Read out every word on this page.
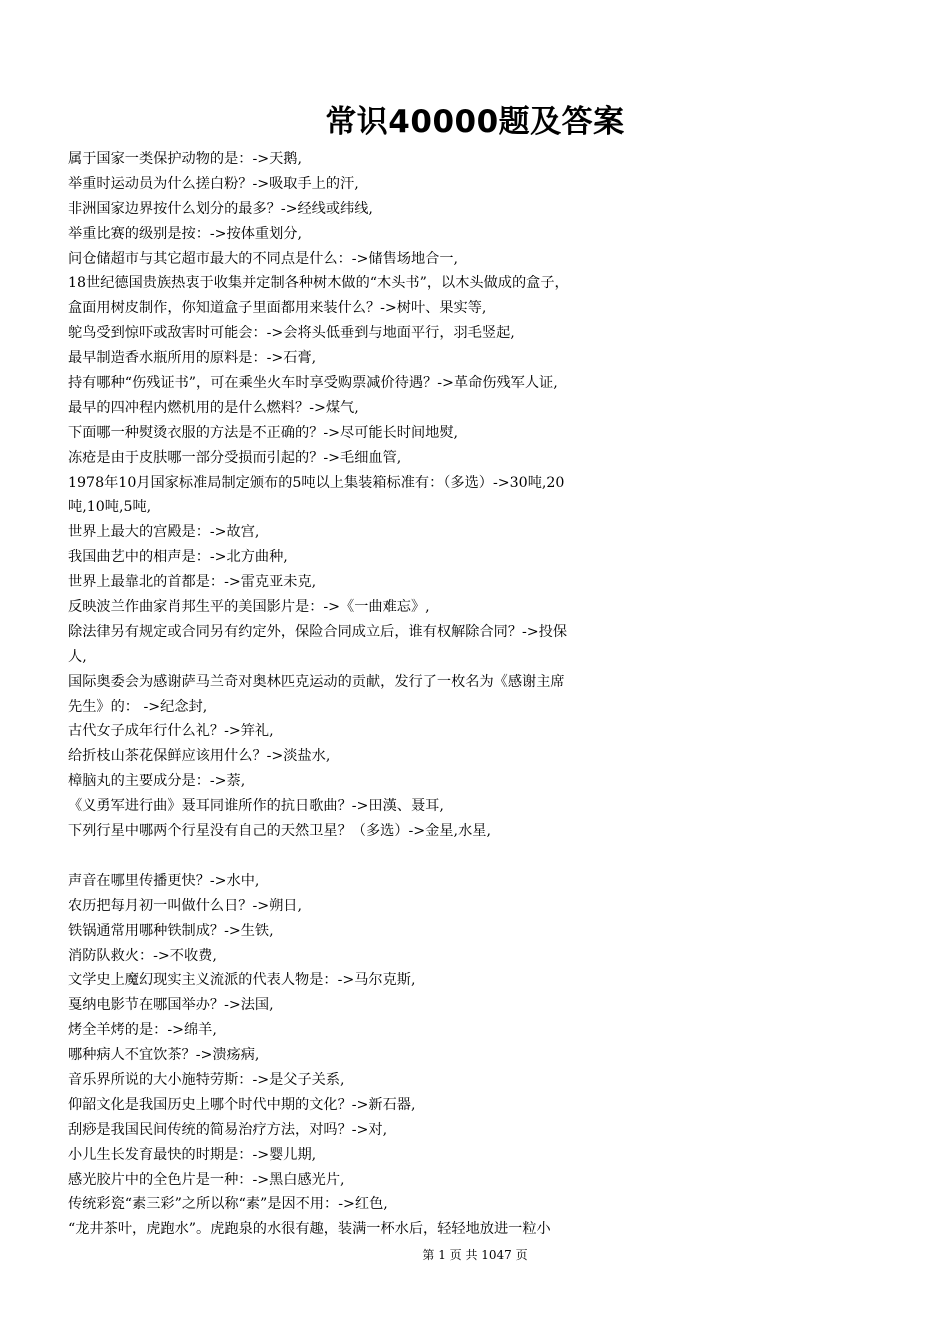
常识40000题及答案
属于国家一类保护动物的是：->天鹅,
举重时运动员为什么搓白粉？->吸取手上的汗,
非洲国家边界按什么划分的最多？->经线或纬线,
举重比赛的级别是按：->按体重划分,
问仓储超市与其它超市最大的不同点是什么：->储售场地合一,
18世纪德国贵族热衷于收集并定制各种树木做的“木头书”，以木头做成的盒子，
盒面用树皮制作，你知道盒子里面都用来装什么？->树叶、果实等,
鸵鸟受到惊吓或敌害时可能会：->会将头低垂到与地面平行，羽毛竖起,
最早制造香水瓶所用的原料是：->石膏,
持有哪种“伤残证书”，可在乘坐火车时享受购票减价待遇？->革命伤残军人证,
最早的四冲程内燃机用的是什么燃料？->煤气,
下面哪一种熨烫衣服的方法是不正确的？->尽可能长时间地熨,
冻疮是由于皮肤哪一部分受损而引起的？->毛细血管,
1978年10月国家标准局制定颁布的5吨以上集装箱标准有：（多选）->30吨,20
吨,10吨,5吨,
世界上最大的宫殿是：->故宫,
我国曲艺中的相声是：->北方曲种,
世界上最靠北的首都是：->雷克亚未克,
反映波兰作曲家肖邦生平的美国影片是：->《一曲难忘》,
除法律另有规定或合同另有约定外，保险合同成立后，谁有权解除合同？->投保
人,
国际奥委会为感谢萨马兰奇对奥林匹克运动的贡献，发行了一枚名为《感谢主席
先生》的： ->纪念封,
古代女子成年行什么礼？->笄礼,
给折枝山茶花保鲜应该用什么？->淡盐水,
樟脑丸的主要成分是：->萘,
《义勇军进行曲》聂耳同谁所作的抗日歌曲？->田漢、聂耳,
下列行星中哪两个行星没有自己的天然卫星？（多选）->金星,水星,
声音在哪里传播更快？->水中,
农历把每月初一叫做什么日？->朔日,
铁锅通常用哪种铁制成？->生铁,
消防队救火：->不收费,
文学史上魔幻现实主义流派的代表人物是：->马尔克斯,
戛纳电影节在哪国举办？->法国,
烤全羊烤的是：->绵羊,
哪种病人不宜饮茶？->溃疡病,
音乐界所说的大小施特劳斯：->是父子关系,
仰韶文化是我国历史上哪个时代中期的文化？->新石器,
刮痧是我国民间传统的简易治疗方法，对吗？->对,
小儿生长发育最快的时期是：->婴儿期,
感光胶片中的全色片是一种：->黑白感光片,
传统彩瓷“素三彩”之所以称“素”是因不用：->红色,
“龙井茶叶，虎跑水”。虎跑泉的水很有趣，装满一杯水后，轻轻地放进一粒小
第 1 页 共 1047 页
